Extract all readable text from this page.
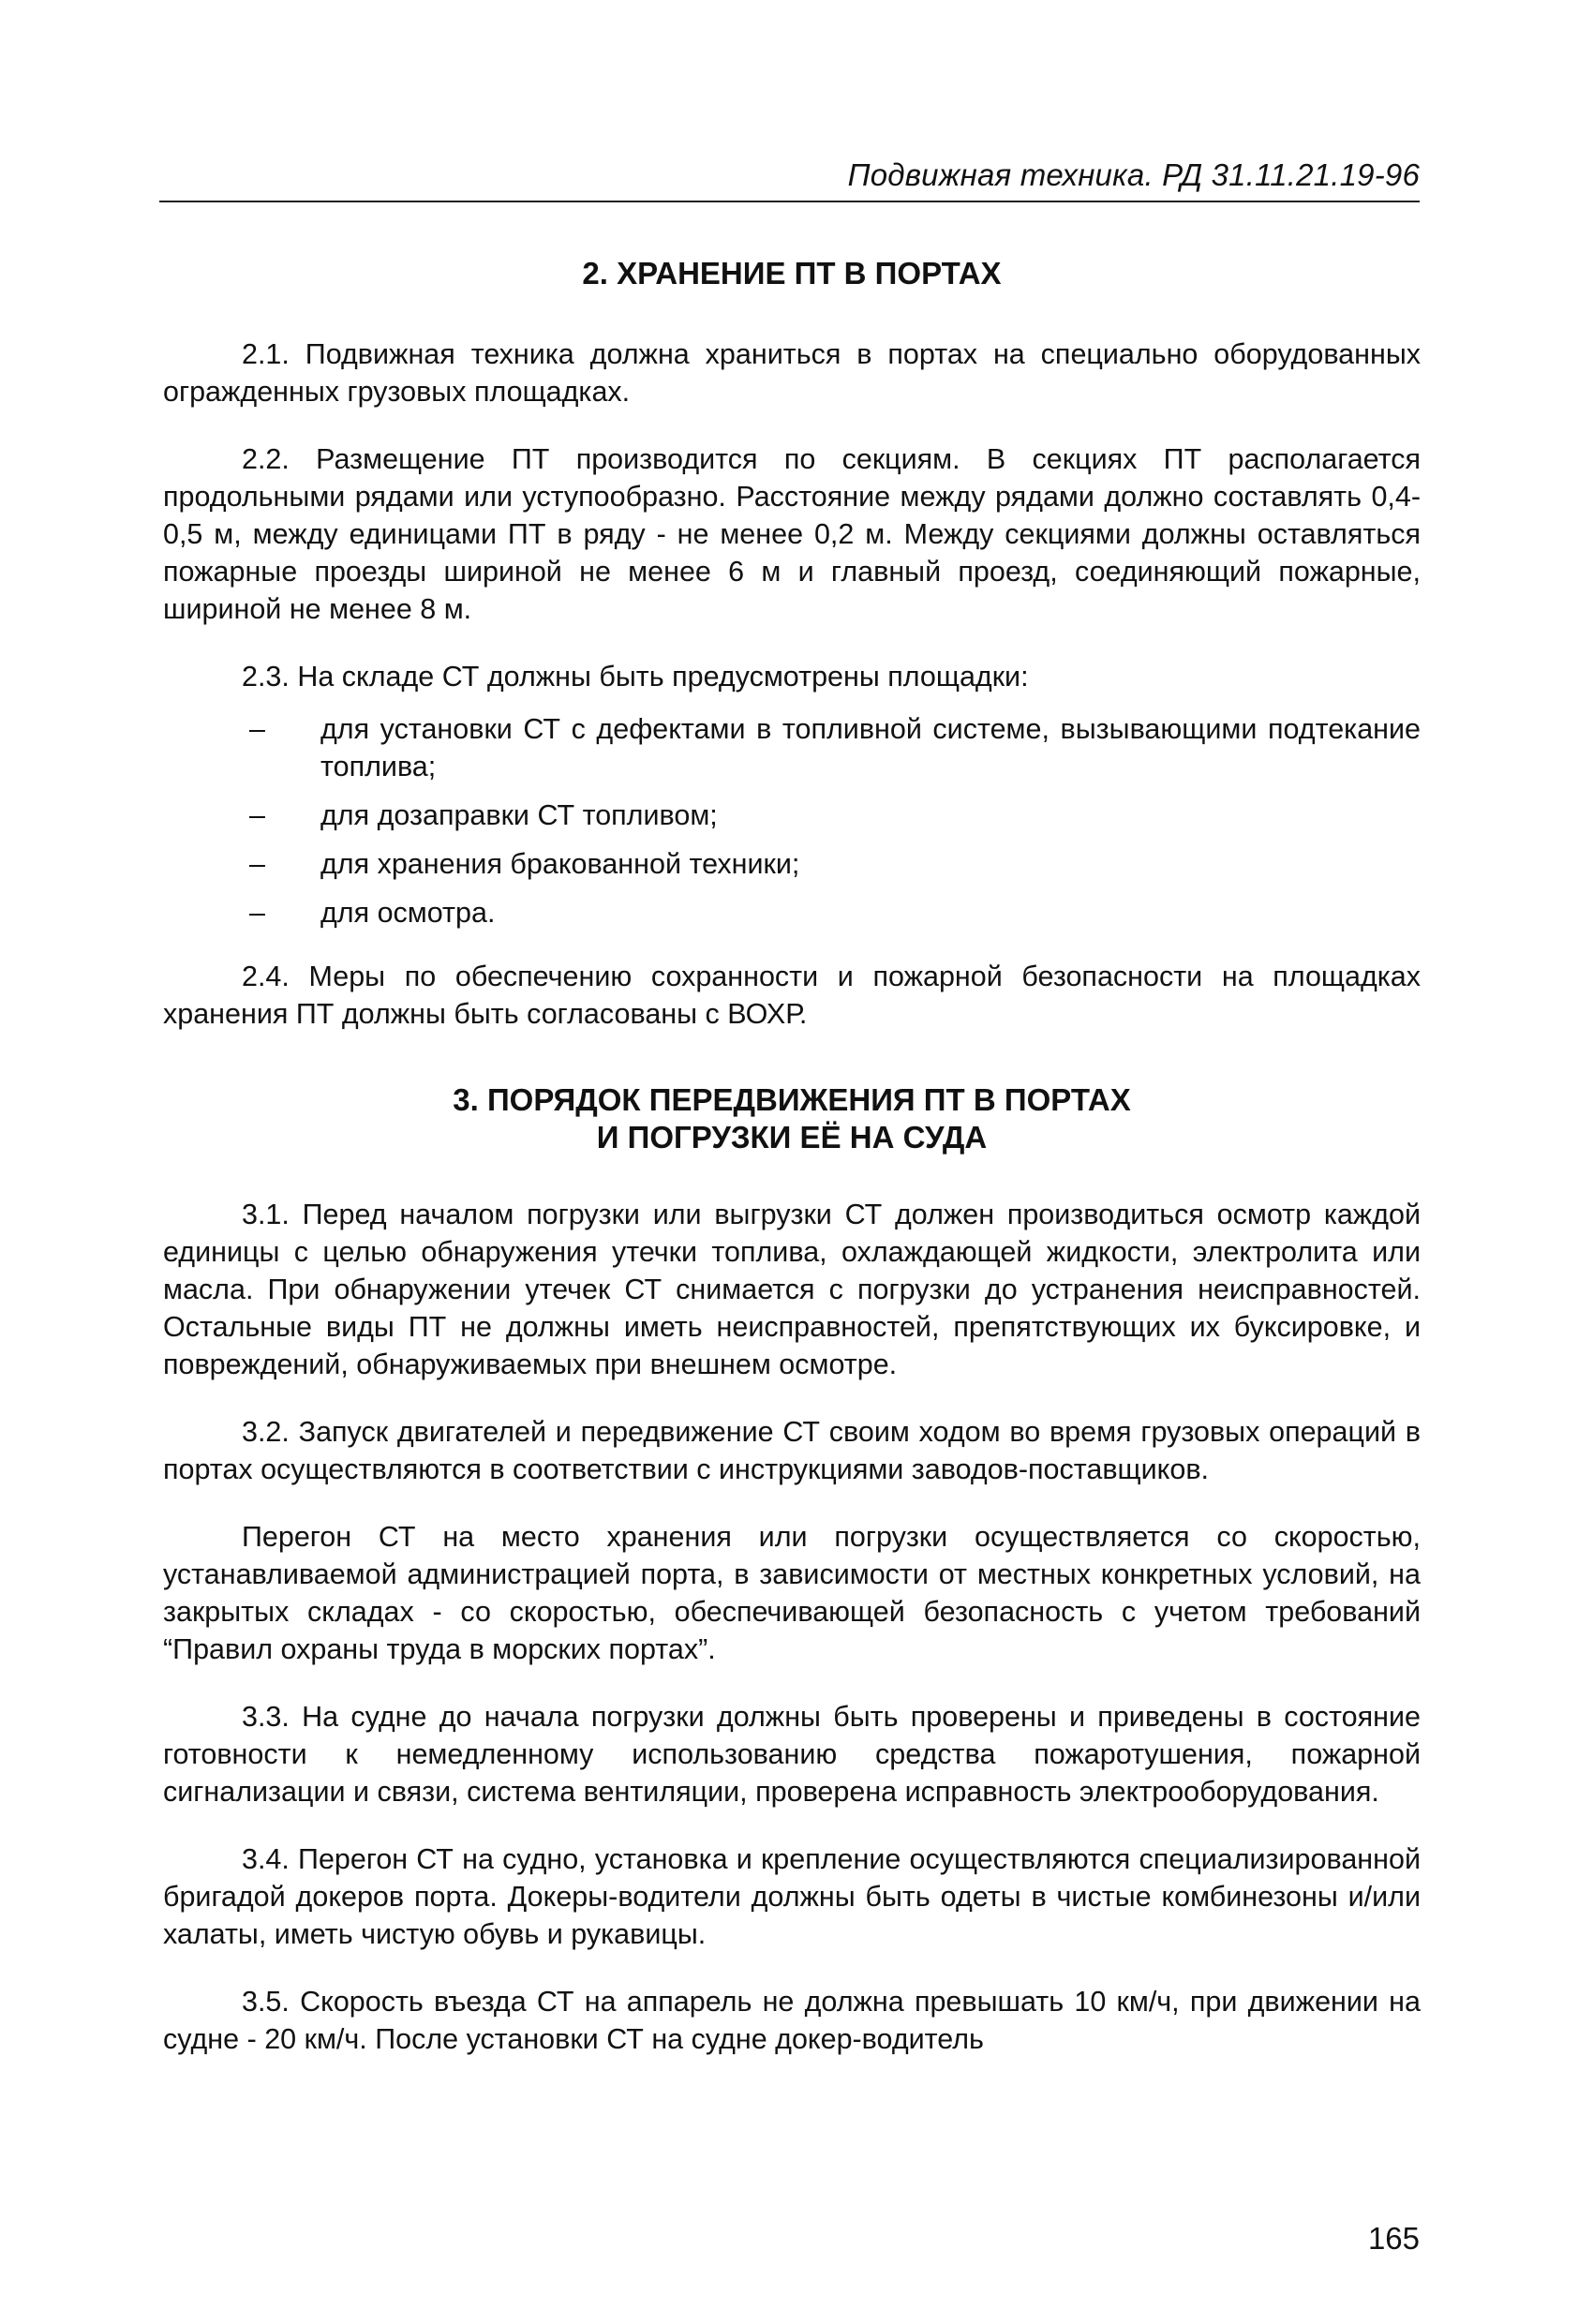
Подвижная техника. РД 31.11.21.19-96
2. ХРАНЕНИЕ ПТ В ПОРТАХ

2.1. Подвижная техника должна храниться в портах на специально оборудованных огражденных грузовых площадках.

2.2. Размещение ПТ производится по секциям. В секциях ПТ располагается продольными рядами или уступообразно. Расстояние между рядами должно составлять 0,4-0,5 м, между единицами ПТ в ряду - не менее 0,2 м. Между секциями должны оставляться пожарные проезды шириной не менее 6 м и главный проезд, соединяющий пожарные, шириной не менее 8 м.

2.3. На складе СТ должны быть предусмотрены площадки:

– для установки СТ с дефектами в топливной системе, вызывающими подтекание топлива;
– для дозаправки СТ топливом;
– для хранения бракованной техники;
– для осмотра.

2.4. Меры по обеспечению сохранности и пожарной безопасности на площадках хранения ПТ должны быть согласованы с ВОХР.

3. ПОРЯДОК ПЕРЕДВИЖЕНИЯ ПТ В ПОРТАХ
И ПОГРУЗКИ ЕЁ НА СУДА

3.1. Перед началом погрузки или выгрузки СТ должен производиться осмотр каждой единицы с целью обнаружения утечки топлива, охлаждающей жидкости, электролита или масла. При обнаружении утечек СТ снимается с погрузки до устранения неисправностей. Остальные виды ПТ не должны иметь неисправностей, препятствующих их буксировке, и повреждений, обнаруживаемых при внешнем осмотре.

3.2. Запуск двигателей и передвижение СТ своим ходом во время грузовых операций в портах осуществляются в соответствии с инструкциями заводов-поставщиков.

Перегон СТ на место хранения или погрузки осуществляется со скоростью, устанавливаемой администрацией порта, в зависимости от местных конкретных условий, на закрытых складах - со скоростью, обеспечивающей безопасность с учетом требований “Правил охраны труда в морских портах”.

3.3. На судне до начала погрузки должны быть проверены и приведены в состояние готовности к немедленному использованию средства пожаротушения, пожарной сигнализации и связи, система вентиляции, проверена исправность электрооборудования.

3.4. Перегон СТ на судно, установка и крепление осуществляются специализированной бригадой докеров порта. Докеры-водители должны быть одеты в чистые комбинезоны и/или халаты, иметь чистую обувь и рукавицы.

3.5. Скорость въезда СТ на аппарель не должна превышать 10 км/ч, при движении на судне - 20 км/ч. После установки СТ на судне докер-водитель

165
